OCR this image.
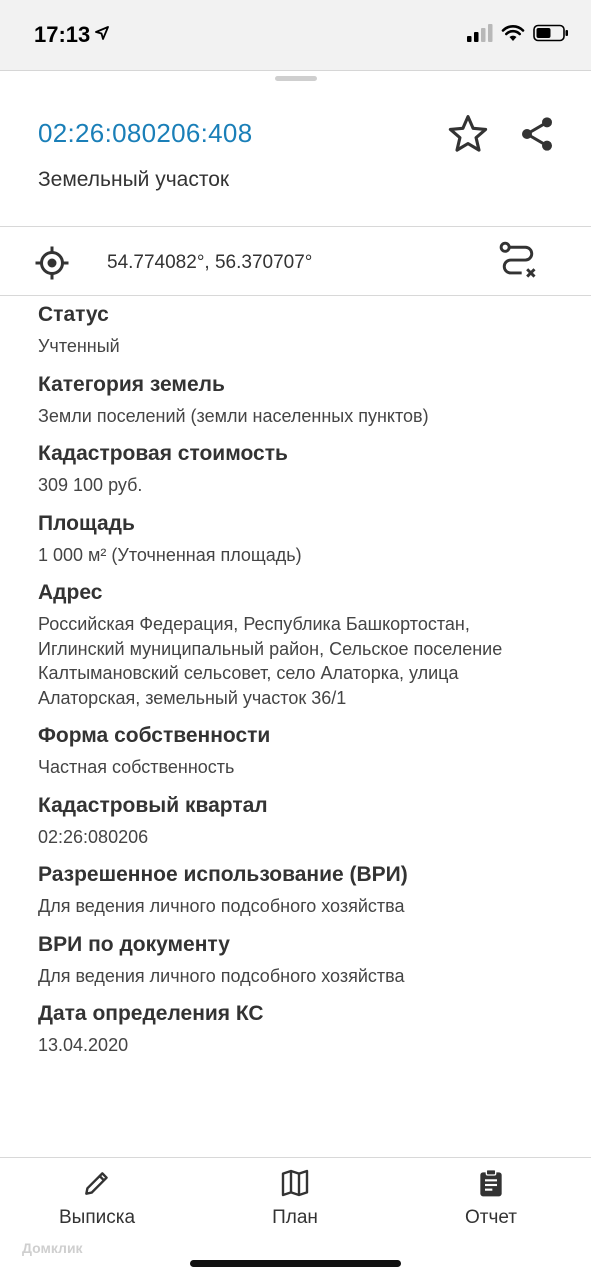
17:13
02:26:080206:408
Земельный участок
54.774082°, 56.370707°
Статус
Учтенный
Категория земель
Земли поселений (земли населенных пунктов)
Кадастровая стоимость
309 100 руб.
Площадь
1 000 м² (Уточненная площадь)
Адрес
Российская Федерация, Республика Башкортостан, Иглинский муниципальный район, Сельское поселение Калтымановский сельсовет, село Алаторка, улица Алаторская, земельный участок 36/1
Форма собственности
Частная собственность
Кадастровый квартал
02:26:080206
Разрешенное использование (ВРИ)
Для ведения личного подсобного хозяйства
ВРИ по документу
Для ведения личного подсобного хозяйства
Дата определения КС
13.04.2020
Выписка	План	Отчет
Домклик
